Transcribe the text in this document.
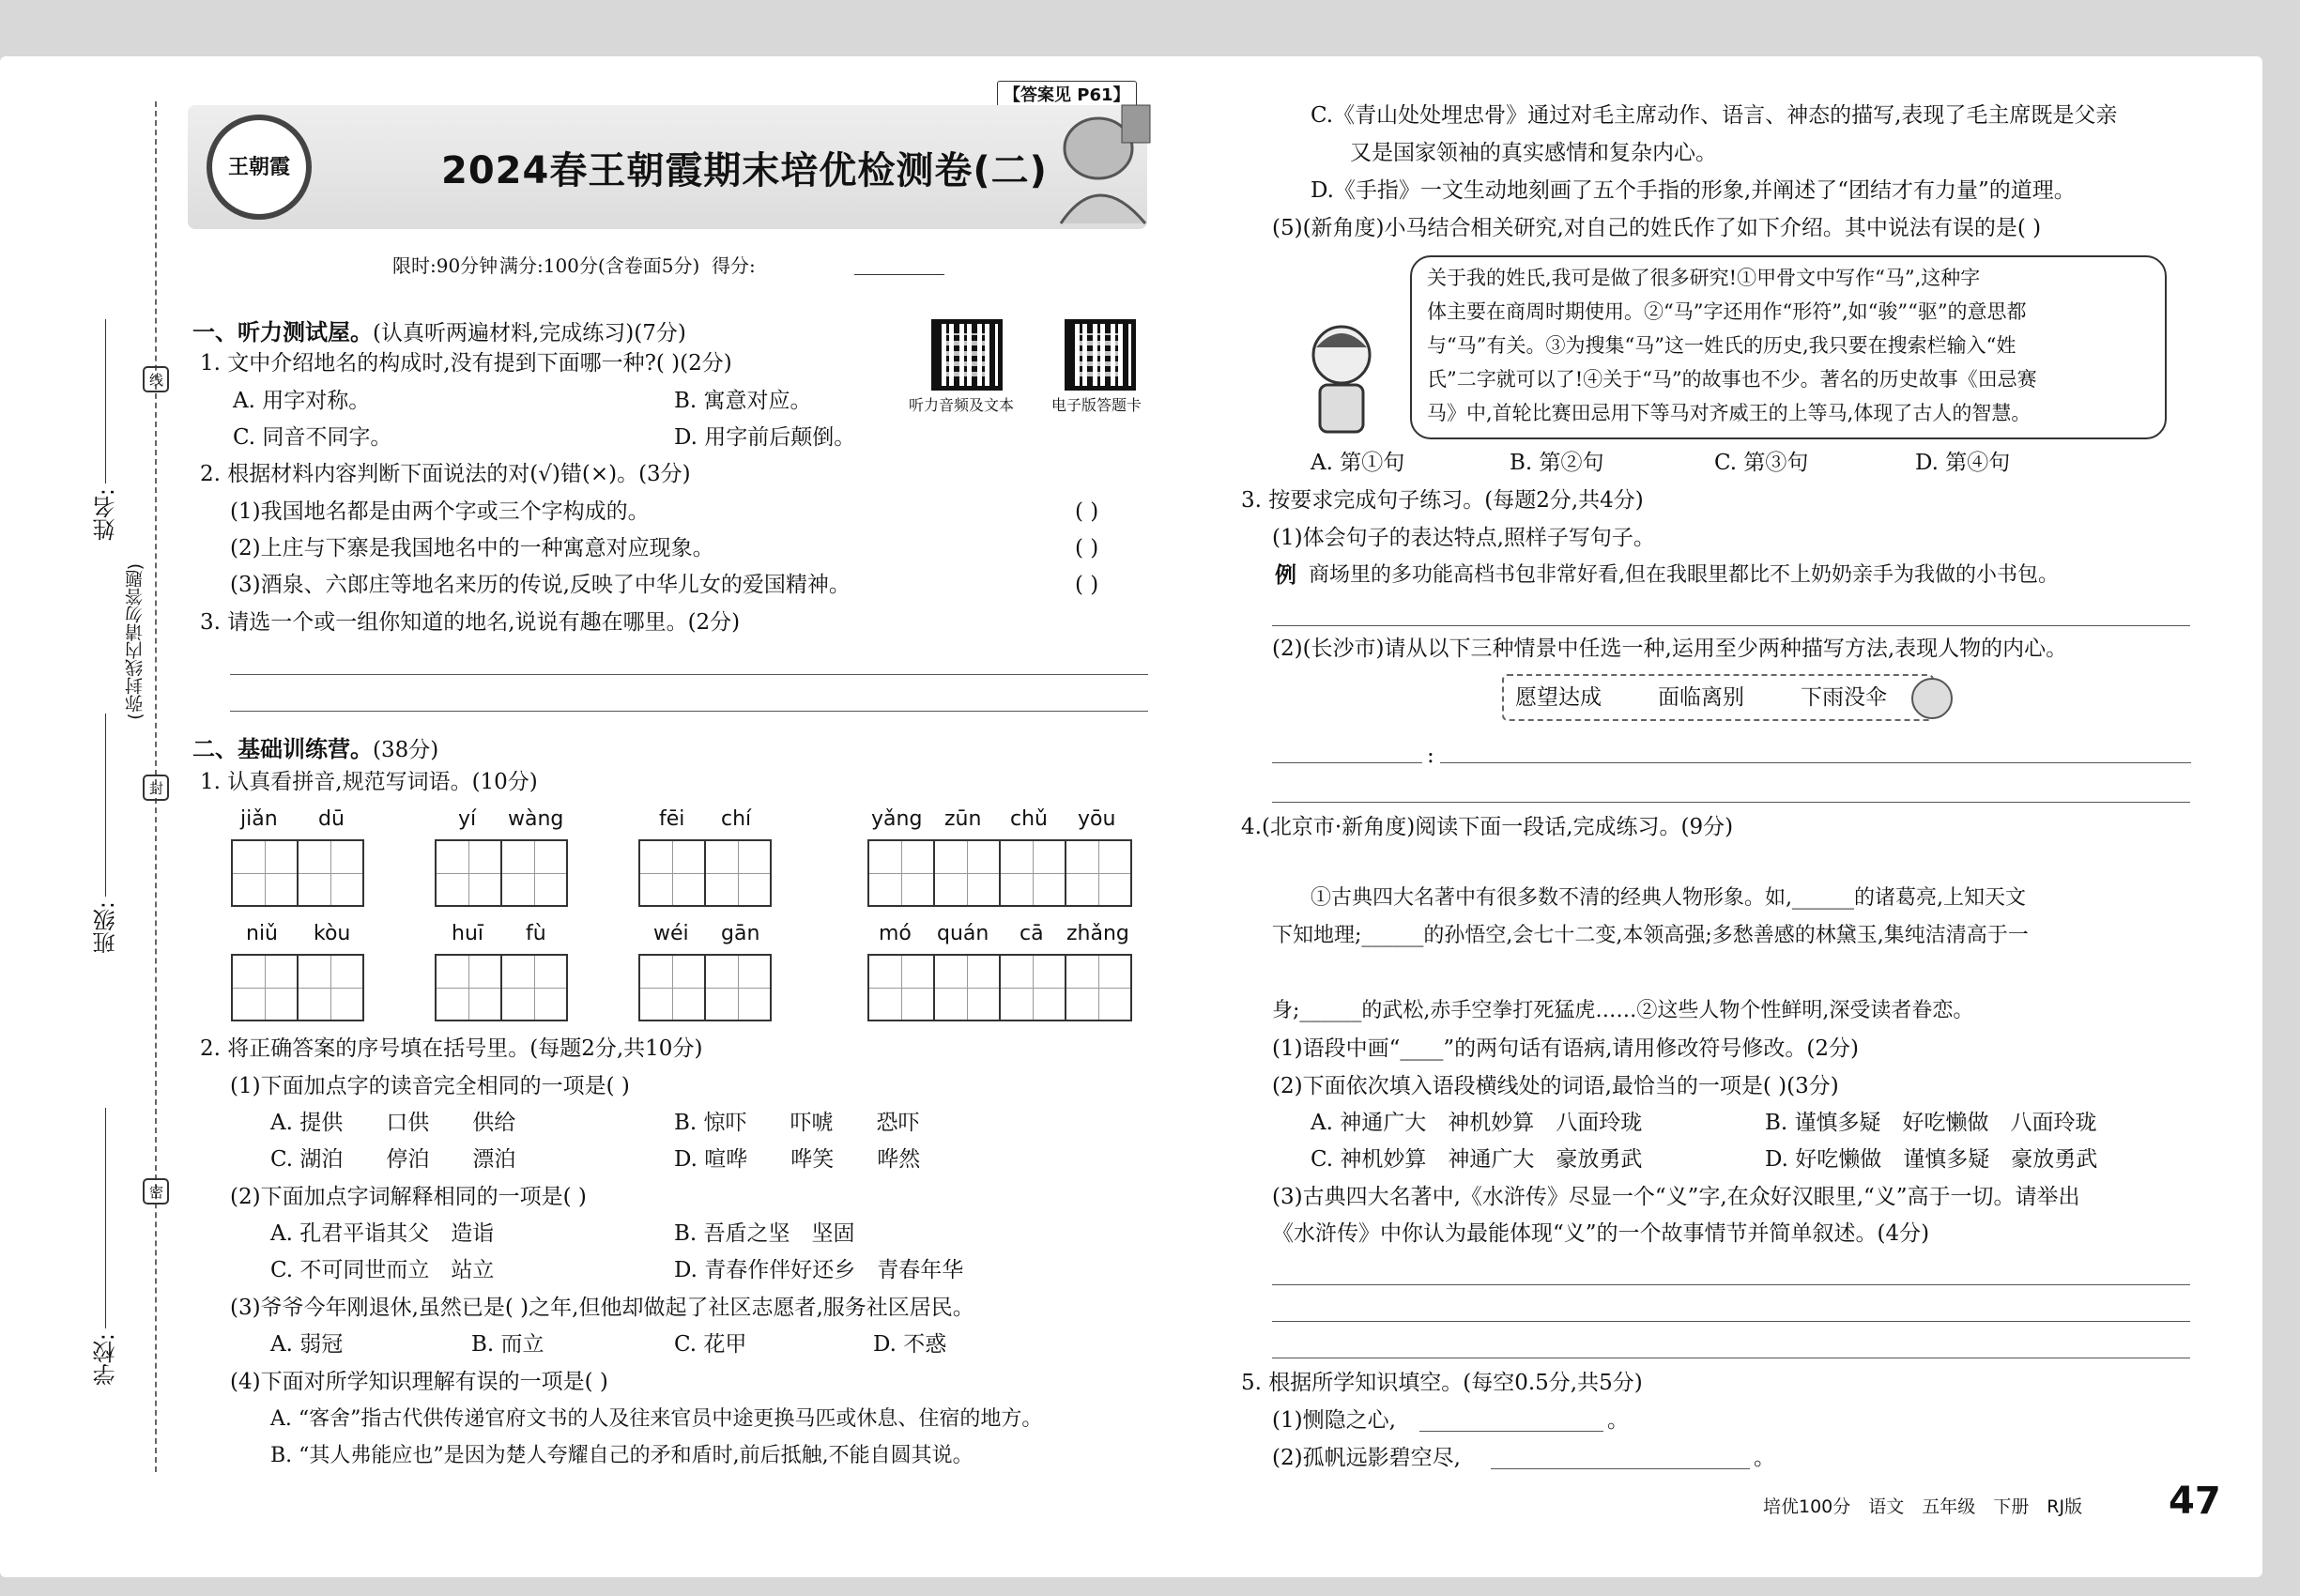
线
封
密
(弥封线内请勿答题)
姓名:
班级:
学校:
【答案见 P61】
王朝霞	2024春王朝霞期末培优检测卷(二)
限时:90分钟 满分:100分(含卷面5分) 得分:
听力音频及文本 电子版答题卡
一、听力测试屋。(认真听两遍材料,完成练习)(7分)
1. 文中介绍地名的构成时,没有提到下面哪一种?( )(2分)
A. 用字对称。	B. 寓意对应。
C. 同音不同字。	D. 用字前后颠倒。
2. 根据材料内容判断下面说法的对(√)错(×)。(3分)
(1)我国地名都是由两个字或三个字构成的。	( )
(2)上庄与下寨是我国地名中的一种寓意对应现象。	( )
(3)酒泉、六郎庄等地名来历的传说,反映了中华儿女的爱国精神。	( )
3. 请选一个或一组你知道的地名,说说有趣在哪里。(2分)
二、基础训练营。(38分)
1. 认真看拼音,规范写词语。(10分)
jiǎn dū	yí wàng	fēi chí	yǎng zūn chǔ yōu
niǔ kòu	huī fù	wéi gān	mó quán cā zhǎng
2. 将正确答案的序号填在括号里。(每题2分,共10分)
(1)下面加点字的读音完全相同的一项是( )
A. 提供　　口供　　供给	B. 惊吓　　吓唬　　恐吓
C. 湖泊　　停泊　　漂泊	D. 喧哗　　哗笑　　哗然
(2)下面加点字词解释相同的一项是( )
A. 孔君平诣其父　造诣	B. 吾盾之坚　坚固
C. 不可同世而立　站立	D. 青春作伴好还乡　青春年华
(3)爷爷今年刚退休,虽然已是( )之年,但他却做起了社区志愿者,服务社区居民。
A. 弱冠	B. 而立	C. 花甲	D. 不惑
(4)下面对所学知识理解有误的一项是( )
A. “客舍”指古代供传递官府文书的人及往来官员中途更换马匹或休息、住宿的地方。
B. “其人弗能应也”是因为楚人夸耀自己的矛和盾时,前后抵触,不能自圆其说。
C.《青山处处埋忠骨》通过对毛主席动作、语言、神态的描写,表现了毛主席既是父亲
又是国家领袖的真实感情和复杂内心。
D.《手指》一文生动地刻画了五个手指的形象,并阐述了“团结才有力量”的道理。
(5)(新角度)小马结合相关研究,对自己的姓氏作了如下介绍。其中说法有误的是( )
关于我的姓氏,我可是做了很多研究!①甲骨文中写作“马”,这种字
体主要在商周时期使用。②“马”字还用作“形符”,如“骏”“驱”的意思都
与“马”有关。③为搜集“马”这一姓氏的历史,我只要在搜索栏输入“姓
氏”二字就可以了!④关于“马”的故事也不少。著名的历史故事《田忌赛
马》中,首轮比赛田忌用下等马对齐威王的上等马,体现了古人的智慧。
A. 第①句	B. 第②句	C. 第③句	D. 第④句
3. 按要求完成句子练习。(每题2分,共4分)
(1)体会句子的表达特点,照样子写句子。
例 商场里的多功能高档书包非常好看,但在我眼里都比不上奶奶亲手为我做的小书包。
(2)(长沙市)请从以下三种情景中任选一种,运用至少两种描写方法,表现人物的内心。
愿望达成	面临离别	下雨没伞
:
4.(北京市·新角度)阅读下面一段话,完成练习。(9分)
①古典四大名著中有很多数不清的经典人物形象。如,______的诸葛亮,上知天文
下知地理;______的孙悟空,会七十二变,本领高强;多愁善感的林黛玉,集纯洁清高于一
身;______的武松,赤手空拳打死猛虎……②这些人物个性鲜明,深受读者眷恋。
(1)语段中画“____”的两句话有语病,请用修改符号修改。(2分)
(2)下面依次填入语段横线处的词语,最恰当的一项是( )(3分)
A. 神通广大　神机妙算　八面玲珑	B. 谨慎多疑　好吃懒做　八面玲珑
C. 神机妙算　神通广大　豪放勇武	D. 好吃懒做　谨慎多疑　豪放勇武
(3)古典四大名著中,《水浒传》尽显一个“义”字,在众好汉眼里,“义”高于一切。请举出
《水浒传》中你认为最能体现“义”的一个故事情节并简单叙述。(4分)
5. 根据所学知识填空。(每空0.5分,共5分)
(1)恻隐之心,	。
(2)孤帆远影碧空尽,	。
培优100分　语文　五年级　下册　RJ版 47
